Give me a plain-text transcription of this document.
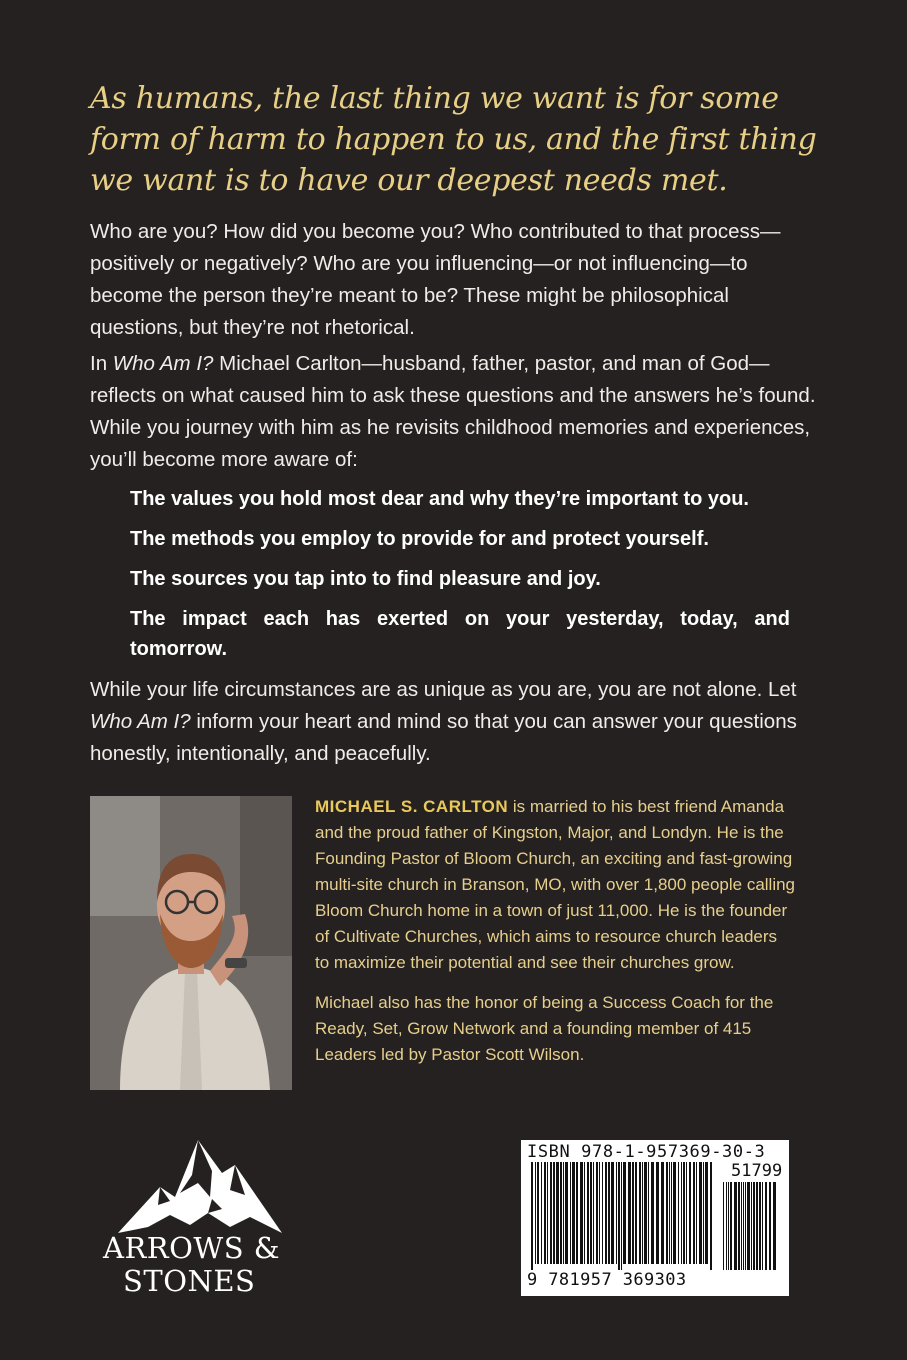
As humans, the last thing we want is for some form of harm to happen to us, and the first thing we want is to have our deepest needs met.
Who are you? How did you become you? Who contributed to that process—positively or negatively? Who are you influencing—or not influencing—to become the person they’re meant to be? These might be philosophical questions, but they’re not rhetorical.
In Who Am I? Michael Carlton—husband, father, pastor, and man of God—reflects on what caused him to ask these questions and the answers he’s found. While you journey with him as he revisits childhood memories and experiences, you’ll become more aware of:
The values you hold most dear and why they’re important to you.
The methods you employ to provide for and protect yourself.
The sources you tap into to find pleasure and joy.
The impact each has exerted on your yesterday, today, and tomorrow.
While your life circumstances are as unique as you are, you are not alone. Let Who Am I? inform your heart and mind so that you can answer your questions honestly, intentionally, and peacefully.

MICHAEL S. CARLTON is married to his best friend Amanda and the proud father of Kingston, Major, and Londyn. He is the Founding Pastor of Bloom Church, an exciting and fast-growing multi-site church in Branson, MO, with over 1,800 people calling Bloom Church home in a town of just 11,000. He is the founder of Cultivate Churches, which aims to resource church leaders to maximize their potential and see their churches grow.

Michael also has the honor of being a Success Coach for the Ready, Set, Grow Network and a founding member of 415 Leaders led by Pastor Scott Wilson.

ARROWS &
STONES
ISBN 978-1-957369-30-3
51799
9 781957 369303
